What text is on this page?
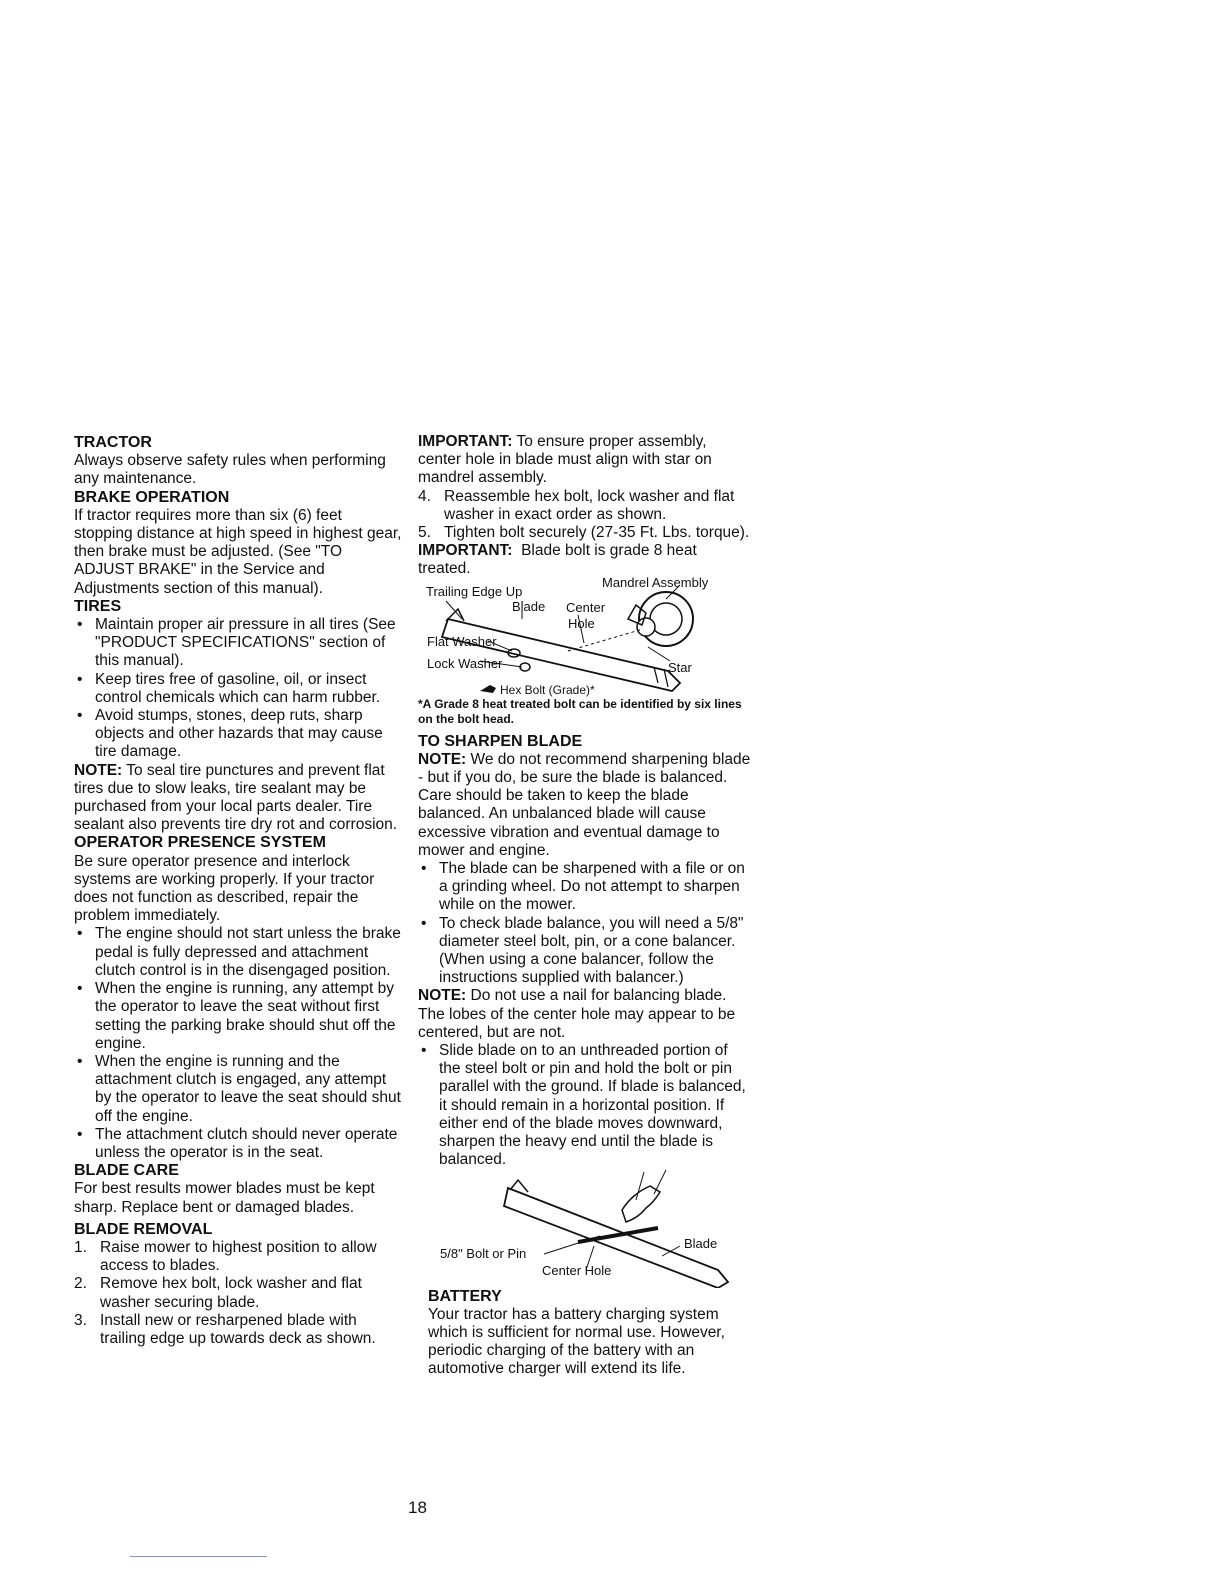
TRACTOR

Always observe safety rules when performing any maintenance.

BRAKE OPERATION

If tractor requires more than six (6) feet stopping distance at high speed in highest gear, then brake must be adjusted. (See "TO ADJUST BRAKE" in the Service and Adjustments section of this manual).

TIRES
• Maintain proper air pressure in all tires (See "PRODUCT SPECIFICATIONS" section of this manual).
• Keep tires free of gasoline, oil, or insect control chemicals which can harm rubber.
• Avoid stumps, stones, deep ruts, sharp objects and other hazards that may cause tire damage.

NOTE: To seal tire punctures and prevent flat tires due to slow leaks, tire sealant may be purchased from your local parts dealer. Tire sealant also prevents tire dry rot and corrosion.

OPERATOR PRESENCE SYSTEM

Be sure operator presence and interlock systems are working properly. If your tractor does not function as described, repair the problem immediately.

• The engine should not start unless the brake pedal is fully depressed and attachment clutch control is in the disengaged position.
• When the engine is running, any attempt by the operator to leave the seat without first setting the parking brake should shut off the engine.
• When the engine is running and the attachment clutch is engaged, any attempt by the operator to leave the seat should shut off the engine.
• The attachment clutch should never operate unless the operator is in the seat.
BLADE CARE

For best results mower blades must be kept sharp. Replace bent or damaged blades.

BLADE REMOVAL
1. Raise mower to highest position to allow access to blades.
2. Remove hex bolt, lock washer and flat washer securing blade.
3. Install new or resharpened blade with trailing edge up towards deck as shown.

IMPORTANT: To ensure proper assembly, center hole in blade must align with star on mandrel assembly.

4. Reassemble hex bolt, lock washer and flat washer in exact order as shown.
5. Tighten bolt securely (27-35 Ft. Lbs. torque).

IMPORTANT: Blade bolt is grade 8 heat treated.

Mandrel Assembly
Trailing Edge Up
Blade Center
Hole
Flat Washer
Lock Washer	Star
Hex Bolt (Grade)*

*A Grade 8 heat treated bolt can be identified by six lines on the bolt head.

TO SHARPEN BLADE

NOTE: We do not recommend sharpening blade - but if you do, be sure the blade is balanced.

Care should be taken to keep the blade balanced. An unbalanced blade will cause excessive vibration and eventual damage to mower and engine.

• The blade can be sharpened with a file or on a grinding wheel. Do not attempt to sharpen while on the mower.
• To check blade balance, you will need a 5/8" diameter steel bolt, pin, or a cone balancer. (When using a cone balancer, follow the instructions supplied with balancer.)

NOTE: Do not use a nail for balancing blade. The lobes of the center hole may appear to be centered, but are not.

• Slide blade on to an unthreaded portion of the steel bolt or pin and hold the bolt or pin parallel with the ground. If blade is balanced, it should remain in a horizontal position. If either end of the blade moves downward, sharpen the heavy end until the blade is balanced.
5/8" Bolt or Pin
Blade
Center Hole
BATTERY

Your tractor has a battery charging system which is sufficient for normal use. However, periodic charging of the battery with an automotive charger will extend its life.

18
